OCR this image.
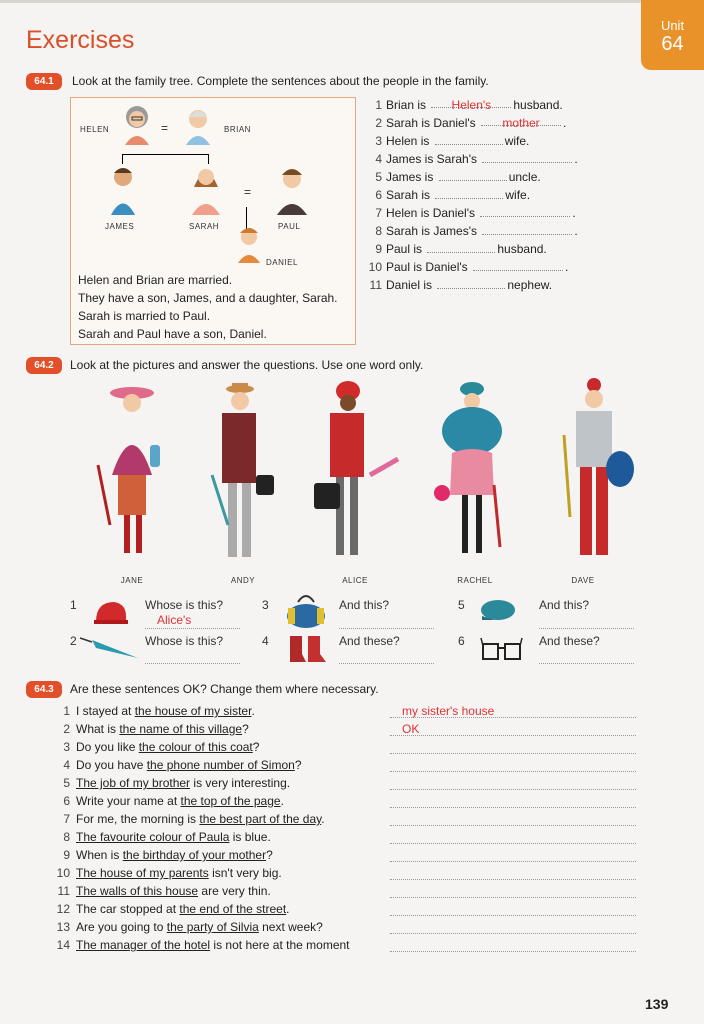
Exercises
Unit
64
64.1	Look at the family tree. Complete the sentences about the people in the family.
HELEN	BRIAN
=
=
JAMES	SARAH	PAUL
DANIEL
Helen and Brian are married.
They have a son, James, and a daughter, Sarah.
Sarah is married to Paul.
Sarah and Paul have a son, Daniel.
1 Brian is Helen's husband.
2 Sarah is Daniel's mother .
3 Helen is	wife.
4 James is Sarah's	.
5 James is	uncle.
6 Sarah is	wife.
7 Helen is Daniel's	.
8 Sarah is James's	.
9 Paul is	husband.
10 Paul is Daniel's	.
11 Daniel is	nephew.
64.2	Look at the pictures and answer the questions. Use one word only.
JANE	ANDY	ALICE	RACHEL	DAVE
1	Whose is this?
Alice's
2	Whose is this?
3	And this?
4	And these?
5	And this?
6	And these?
64.3	Are these sentences OK? Change them where necessary.
1 I stayed at the house of my sister.	my sister's house
2 What is the name of this village?	OK
3 Do you like the colour of this coat?
4 Do you have the phone number of Simon?
5 The job of my brother is very interesting.
6 Write your name at the top of the page.
7 For me, the morning is the best part of the day.
8 The favourite colour of Paula is blue.
9 When is the birthday of your mother?
10 The house of my parents isn't very big.
11 The walls of this house are very thin.
12 The car stopped at the end of the street.
13 Are you going to the party of Silvia next week?
14 The manager of the hotel is not here at the moment
139
